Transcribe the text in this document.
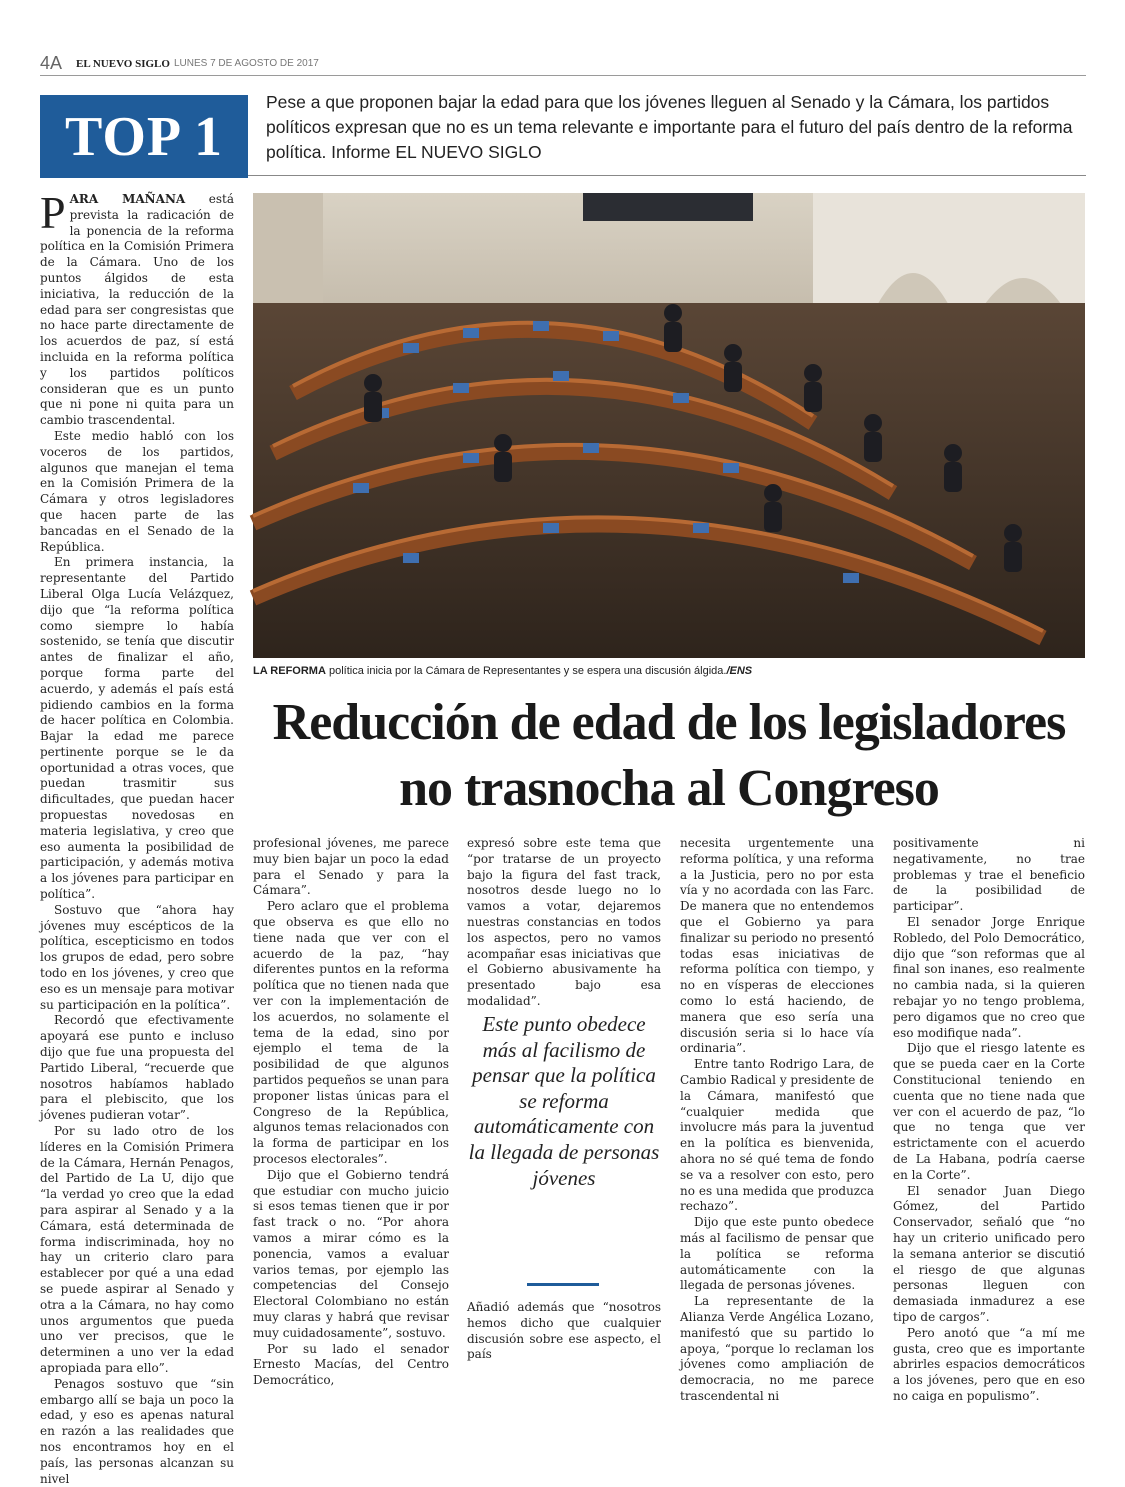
4A EL NUEVO SIGLO LUNES 7 DE AGOSTO DE 2017
TOP 1
Pese a que proponen bajar la edad para que los jóvenes lleguen al Senado y la Cámara, los partidos políticos expresan que no es un tema relevante e importante para el futuro del país dentro de la reforma política. Informe EL NUEVO SIGLO

PARA MAÑANA está prevista la radicación de la ponencia de la reforma política en la Comisión Primera de la Cámara. Uno de los puntos álgidos de esta iniciativa, la reducción de la edad para ser congresistas que no hace parte directamente de los acuerdos de paz, sí está incluida en la reforma política y los partidos políticos consideran que es un punto que ni pone ni quita para un cambio trascendental.

Este medio habló con los voceros de los partidos, algunos que manejan el tema en la Comisión Primera de la Cámara y otros legisladores que hacen parte de las bancadas en el Senado de la República.

En primera instancia, la representante del Partido Liberal Olga Lucía Velázquez, dijo que “la reforma política como siempre lo había sostenido, se tenía que discutir antes de finalizar el año, porque forma parte del acuerdo, y además el país está pidiendo cambios en la forma de hacer política en Colombia. Bajar la edad me parece pertinente porque se le da oportunidad a otras voces, que puedan trasmitir sus dificultades, que puedan hacer propuestas novedosas en materia legislativa, y creo que eso aumenta la posibilidad de participación, y además motiva a los jóvenes para participar en política”.

Sostuvo que “ahora hay jóvenes muy escépticos de la política, escepticismo en todos los grupos de edad, pero sobre todo en los jóvenes, y creo que eso es un mensaje para motivar su participación en la política”.

Recordó que efectivamente apoyará ese punto e incluso dijo que fue una propuesta del Partido Liberal, “recuerde que nosotros habíamos hablado para el plebiscito, que los jóvenes pudieran votar”.

Por su lado otro de los líderes en la Comisión Primera de la Cámara, Hernán Penagos, del Partido de La U, dijo que “la verdad yo creo que la edad para aspirar al Senado y a la Cámara, está determinada de forma indiscriminada, hoy no hay un criterio claro para establecer por qué a una edad se puede aspirar al Senado y otra a la Cámara, no hay como unos argumentos que pueda uno ver precisos, que le determinen a uno ver la edad apropiada para ello”.

Penagos sostuvo que “sin embargo allí se baja un poco la edad, y eso es apenas natural en razón a las realidades que nos encontramos hoy en el país, las personas alcanzan su nivel

LA REFORMA política inicia por la Cámara de Representantes y se espera una discusión álgida./ENS
Reducción de edad de los legisladores
no trasnocha al Congreso

profesional jóvenes, me parece muy bien bajar un poco la edad para el Senado y para la Cámara”.

Pero aclaro que el problema que observa es que ello no tiene nada que ver con el acuerdo de la paz, “hay diferentes puntos en la reforma política que no tienen nada que ver con la implementación de los acuerdos, no solamente el tema de la edad, sino por ejemplo el tema de la posibilidad de que algunos partidos pequeños se unan para proponer listas únicas para el Congreso de la República, algunos temas relacionados con la forma de participar en los procesos electorales”.

Dijo que el Gobierno tendrá que estudiar con mucho juicio si esos temas tienen que ir por fast track o no. “Por ahora vamos a mirar cómo es la ponencia, vamos a evaluar varios temas, por ejemplo las competencias del Consejo Electoral Colombiano no están muy claras y habrá que revisar muy cuidadosamente”, sostuvo.

Por su lado el senador Ernesto Macías, del Centro Democrático,

expresó sobre este tema que “por tratarse de un proyecto bajo la figura del fast track, nosotros desde luego no lo vamos a votar, dejaremos nuestras constancias en todos los aspectos, pero no vamos acompañar esas iniciativas que el Gobierno abusivamente ha presentado bajo esa modalidad”.

Este punto obedece más al facilismo de pensar que la política se reforma automáticamente con la llegada de personas jóvenes

Añadió además que “nosotros hemos dicho que cualquier discusión sobre ese aspecto, el país

necesita urgentemente una reforma política, y una reforma a la Justicia, pero no por esta vía y no acordada con las Farc. De manera que no entendemos que el Gobierno ya para finalizar su periodo no presentó todas esas iniciativas de reforma política con tiempo, y no en vísperas de elecciones como lo está haciendo, de manera que eso sería una discusión seria si lo hace vía ordinaria”.

Entre tanto Rodrigo Lara, de Cambio Radical y presidente de la Cámara, manifestó que “cualquier medida que involucre más para la juventud en la política es bienvenida, ahora no sé qué tema de fondo se va a resolver con esto, pero no es una medida que produzca rechazo”.

Dijo que este punto obedece más al facilismo de pensar que la política se reforma automáticamente con la llegada de personas jóvenes.

La representante de la Alianza Verde Angélica Lozano, manifestó que su partido lo apoya, “porque lo reclaman los jóvenes como ampliación de democracia, no me parece trascendental ni

positivamente ni negativamente, no trae problemas y trae el beneficio de la posibilidad de participar”.

El senador Jorge Enrique Robledo, del Polo Democrático, dijo que “son reformas que al final son inanes, eso realmente no cambia nada, si la quieren rebajar yo no tengo problema, pero digamos que no creo que eso modifique nada”.

Dijo que el riesgo latente es que se pueda caer en la Corte Constitucional teniendo en cuenta que no tiene nada que ver con el acuerdo de paz, “lo que no tenga que ver estrictamente con el acuerdo de La Habana, podría caerse en la Corte”.

El senador Juan Diego Gómez, del Partido Conservador, señaló que “no hay un criterio unificado pero la semana anterior se discutió el riesgo de que algunas personas lleguen con demasiada inmadurez a ese tipo de cargos”.

Pero anotó que “a mí me gusta, creo que es importante abrirles espacios democráticos a los jóvenes, pero que en eso no caiga en populismo”.
